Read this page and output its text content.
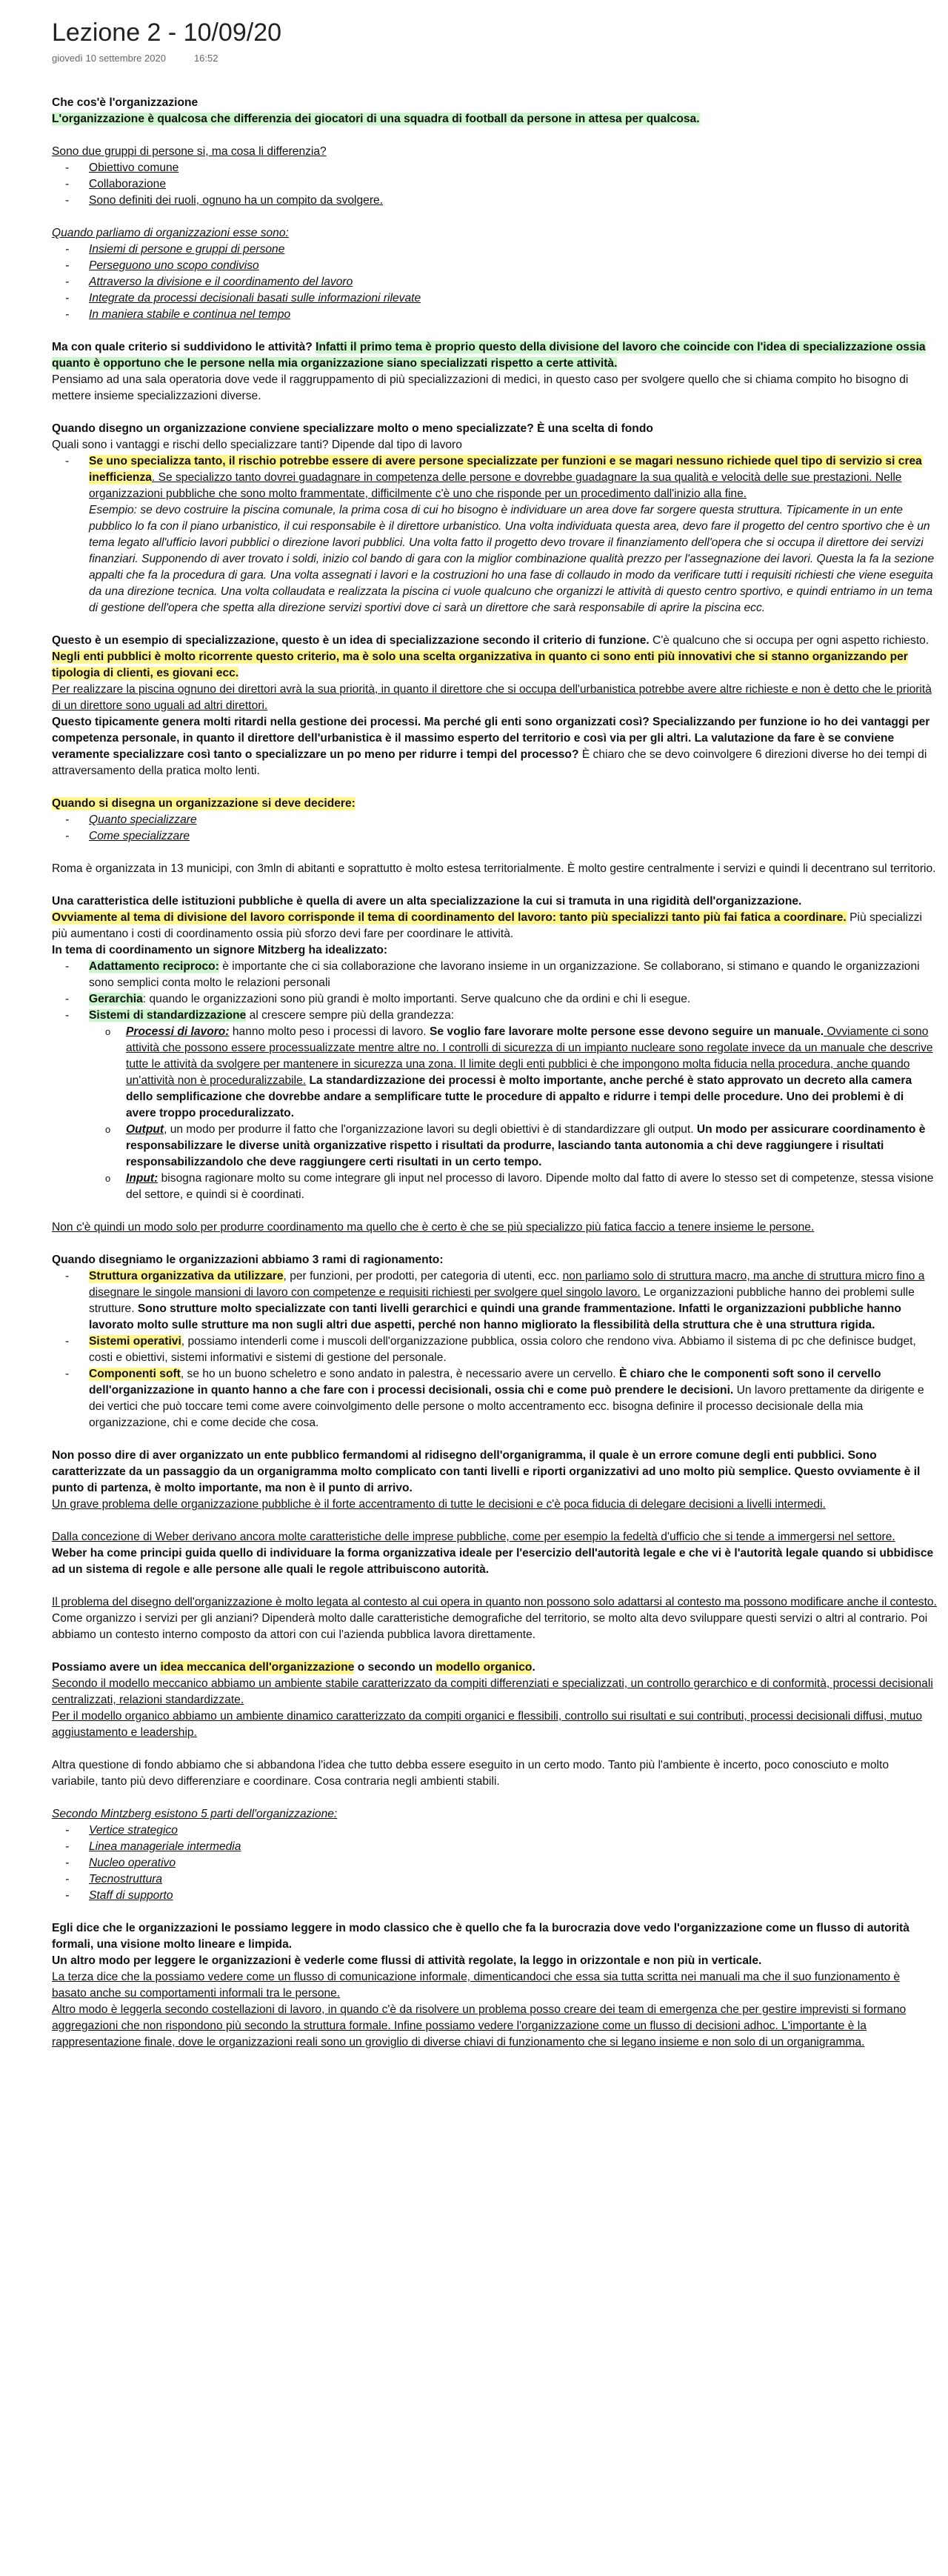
Lezione 2 - 10/09/20
giovedì 10 settembre 2020	16:52

Che cos'è l'organizzazione

L'organizzazione è qualcosa che differenzia dei giocatori di una squadra di football da persone in attesa per qualcosa.

Sono due gruppi di persone si, ma cosa li differenzia?

- Obiettivo comune
- Collaborazione
- Sono definiti dei ruoli, ognuno ha un compito da svolgere.

Quando parliamo di organizzazioni esse sono:

- Insiemi di persone e gruppi di persone
- Perseguono uno scopo condiviso
- Attraverso la divisione e il coordinamento del lavoro
- Integrate da processi decisionali basati sulle informazioni rilevate
- In maniera stabile e continua nel tempo

Ma con quale criterio si suddividono le attività? Infatti il primo tema è proprio questo della divisione del lavoro che coincide con l'idea di specializzazione ossia quanto è opportuno che le persone nella mia organizzazione siano specializzati rispetto a certe attività.

Pensiamo ad una sala operatoria dove vede il raggruppamento di più specializzazioni di medici, in questo caso per svolgere quello che si chiama compito ho bisogno di mettere insieme specializzazioni diverse.

Quando disegno un organizzazione conviene specializzare molto o meno specializzate? È una scelta di fondo

Quali sono i vantaggi e rischi dello specializzare tanti? Dipende dal tipo di lavoro

- Se uno specializza tanto, il rischio potrebbe essere di avere persone specializzate per funzioni e se magari nessuno richiede quel tipo di servizio si crea inefficienza. Se specializzo tanto dovrei guadagnare in competenza delle persone e dovrebbe guadagnare la sua qualità e velocità delle sue prestazioni. Nelle organizzazioni pubbliche che sono molto frammentate, difficilmente c'è uno che risponde per un procedimento dall'inizio alla fine.

Esempio: se devo costruire la piscina comunale, la prima cosa di cui ho bisogno è individuare un area dove far sorgere questa struttura. Tipicamente in un ente pubblico lo fa con il piano urbanistico, il cui responsabile è il direttore urbanistico. Una volta individuata questa area, devo fare il progetto del centro sportivo che è un tema legato all'ufficio lavori pubblici o direzione lavori pubblici. Una volta fatto il progetto devo trovare il finanziamento dell'opera che si occupa il direttore dei servizi finanziari. Supponendo di aver trovato i soldi, inizio col bando di gara con la miglior combinazione qualità prezzo per l'assegnazione dei lavori. Questa la fa la sezione appalti che fa la procedura di gara. Una volta assegnati i lavori e la costruzioni ho una fase di collaudo in modo da verificare tutti i requisiti richiesti che viene eseguita da una direzione tecnica. Una volta collaudata e realizzata la piscina ci vuole qualcuno che organizzi le attività di questo centro sportivo, e quindi entriamo in un tema di gestione dell'opera che spetta alla direzione servizi sportivi dove ci sarà un direttore che sarà responsabile di aprire la piscina ecc.

Questo è un esempio di specializzazione, questo è un idea di specializzazione secondo il criterio di funzione. C'è qualcuno che si occupa per ogni aspetto richiesto. Negli enti pubblici è molto ricorrente questo criterio, ma è solo una scelta organizzativa in quanto ci sono enti più innovativi che si stanno organizzando per tipologia di clienti, es giovani ecc.

Per realizzare la piscina ognuno dei direttori avrà la sua priorità, in quanto il direttore che si occupa dell'urbanistica potrebbe avere altre richieste e non è detto che le priorità di un direttore sono uguali ad altri direttori.

Questo tipicamente genera molti ritardi nella gestione dei processi. Ma perché gli enti sono organizzati così? Specializzando per funzione io ho dei vantaggi per competenza personale, in quanto il direttore dell'urbanistica è il massimo esperto del territorio e così via per gli altri. La valutazione da fare è se conviene veramente specializzare così tanto o specializzare un po meno per ridurre i tempi del processo? È chiaro che se devo coinvolgere 6 direzioni diverse ho dei tempi di attraversamento della pratica molto lenti.

Quando si disegna un organizzazione si deve decidere:

- Quanto specializzare
- Come specializzare

Roma è organizzata in 13 municipi, con 3mln di abitanti e soprattutto è molto estesa territorialmente. È molto gestire centralmente i servizi e quindi li decentrano sul territorio.

Una caratteristica delle istituzioni pubbliche è quella di avere un alta specializzazione la cui si tramuta in una rigidità dell'organizzazione.

Ovviamente al tema di divisione del lavoro corrisponde il tema di coordinamento del lavoro: tanto più specializzi tanto più fai fatica a coordinare. Più specializzi più aumentano i costi di coordinamento ossia più sforzo devi fare per coordinare le attività.

In tema di coordinamento un signore Mitzberg ha idealizzato:

- Adattamento reciproco: è importante che ci sia collaborazione che lavorano insieme in un organizzazione. Se collaborano, si stimano e quando le organizzazioni sono semplici conta molto le relazioni personali
- Gerarchia: quando le organizzazioni sono più grandi è molto importanti. Serve qualcuno che da ordini e chi li esegue.
- Sistemi di standardizzazione al crescere sempre più della grandezza:
o Processi di lavoro: hanno molto peso i processi di lavoro. Se voglio fare lavorare molte persone esse devono seguire un manuale. Ovviamente ci sono attività che possono essere processualizzate mentre altre no. I controlli di sicurezza di un impianto nucleare sono regolate invece da un manuale che descrive tutte le attività da svolgere per mantenere in sicurezza una zona. Il limite degli enti pubblici è che impongono molta fiducia nella procedura, anche quando un'attività non è proceduralizzabile. La standardizzazione dei processi è molto importante, anche perché è stato approvato un decreto alla camera dello semplificazione che dovrebbe andare a semplificare tutte le procedure di appalto e ridurre i tempi delle procedure. Uno dei problemi è di avere troppo proceduralizzato.
o Output, un modo per produrre il fatto che l'organizzazione lavori su degli obiettivi è di standardizzare gli output. Un modo per assicurare coordinamento è responsabilizzare le diverse unità organizzative rispetto i risultati da produrre, lasciando tanta autonomia a chi deve raggiungere i risultati responsabilizzandolo che deve raggiungere certi risultati in un certo tempo.
o Input: bisogna ragionare molto su come integrare gli input nel processo di lavoro. Dipende molto dal fatto di avere lo stesso set di competenze, stessa visione del settore, e quindi si è coordinati.

Non c'è quindi un modo solo per produrre coordinamento ma quello che è certo è che se più specializzo più fatica faccio a tenere insieme le persone.

Quando disegniamo le organizzazioni abbiamo 3 rami di ragionamento:

- Struttura organizzativa da utilizzare, per funzioni, per prodotti, per categoria di utenti, ecc. non parliamo solo di struttura macro, ma anche di struttura micro fino a disegnare le singole mansioni di lavoro con competenze e requisiti richiesti per svolgere quel singolo lavoro. Le organizzazioni pubbliche hanno dei problemi sulle strutture. Sono strutture molto specializzate con tanti livelli gerarchici e quindi una grande frammentazione. Infatti le organizzazioni pubbliche hanno lavorato molto sulle strutture ma non sugli altri due aspetti, perché non hanno migliorato la flessibilità della struttura che è una struttura rigida.
- Sistemi operativi, possiamo intenderli come i muscoli dell'organizzazione pubblica, ossia coloro che rendono viva. Abbiamo il sistema di pc che definisce budget, costi e obiettivi, sistemi informativi e sistemi di gestione del personale.
- Componenti soft, se ho un buono scheletro e sono andato in palestra, è necessario avere un cervello. È chiaro che le componenti soft sono il cervello dell'organizzazione in quanto hanno a che fare con i processi decisionali, ossia chi e come può prendere le decisioni. Un lavoro prettamente da dirigente e dei vertici che può toccare temi come avere coinvolgimento delle persone o molto accentramento ecc. bisogna definire il processo decisionale della mia organizzazione, chi e come decide che cosa.

Non posso dire di aver organizzato un ente pubblico fermandomi al ridisegno dell'organigramma, il quale è un errore comune degli enti pubblici. Sono caratterizzate da un passaggio da un organigramma molto complicato con tanti livelli e riporti organizzativi ad uno molto più semplice. Questo ovviamente è il punto di partenza, è molto importante, ma non è il punto di arrivo.

Un grave problema delle organizzazione pubbliche è il forte accentramento di tutte le decisioni e c'è poca fiducia di delegare decisioni a livelli intermedi.

Dalla concezione di Weber derivano ancora molte caratteristiche delle imprese pubbliche, come per esempio la fedeltà d'ufficio che si tende a immergersi nel settore.

Weber ha come principi guida quello di individuare la forma organizzativa ideale per l'esercizio dell'autorità legale e che vi è l'autorità legale quando si ubbidisce ad un sistema di regole e alle persone alle quali le regole attribuiscono autorità.

Il problema del disegno dell'organizzazione è molto legata al contesto al cui opera in quanto non possono solo adattarsi al contesto ma possono modificare anche il contesto. Come organizzo i servizi per gli anziani? Dipenderà molto dalle caratteristiche demografiche del territorio, se molto alta devo sviluppare questi servizi o altri al contrario. Poi abbiamo un contesto interno composto da attori con cui l'azienda pubblica lavora direttamente.

Possiamo avere un idea meccanica dell'organizzazione o secondo un modello organico.

Secondo il modello meccanico abbiamo un ambiente stabile caratterizzato da compiti differenziati e specializzati, un controllo gerarchico e di conformità, processi decisionali centralizzati, relazioni standardizzate.

Per il modello organico abbiamo un ambiente dinamico caratterizzato da compiti organici e flessibili, controllo sui risultati e sui contributi, processi decisionali diffusi, mutuo aggiustamento e leadership.

Altra questione di fondo abbiamo che si abbandona l'idea che tutto debba essere eseguito in un certo modo. Tanto più l'ambiente è incerto, poco conosciuto e molto variabile, tanto più devo differenziare e coordinare. Cosa contraria negli ambienti stabili.

Secondo Mintzberg esistono 5 parti dell'organizzazione:

- Vertice strategico
- Linea manageriale intermedia
- Nucleo operativo
- Tecnostruttura
- Staff di supporto

Egli dice che le organizzazioni le possiamo leggere in modo classico che è quello che fa la burocrazia dove vedo l'organizzazione come un flusso di autorità formali, una visione molto lineare e limpida.

Un altro modo per leggere le organizzazioni è vederle come flussi di attività regolate, la leggo in orizzontale e non più in verticale.

La terza dice che la possiamo vedere come un flusso di comunicazione informale, dimenticandoci che essa sia tutta scritta nei manuali ma che il suo funzionamento è basato anche su comportamenti informali tra le persone.

Altro modo è leggerla secondo costellazioni di lavoro, in quando c'è da risolvere un problema posso creare dei team di emergenza che per gestire imprevisti si formano aggregazioni che non rispondono più secondo la struttura formale. Infine possiamo vedere l'organizzazione come un flusso di decisioni adhoc. L'importante è la rappresentazione finale, dove le organizzazioni reali sono un groviglio di diverse chiavi di funzionamento che si legano insieme e non solo di un organigramma.
